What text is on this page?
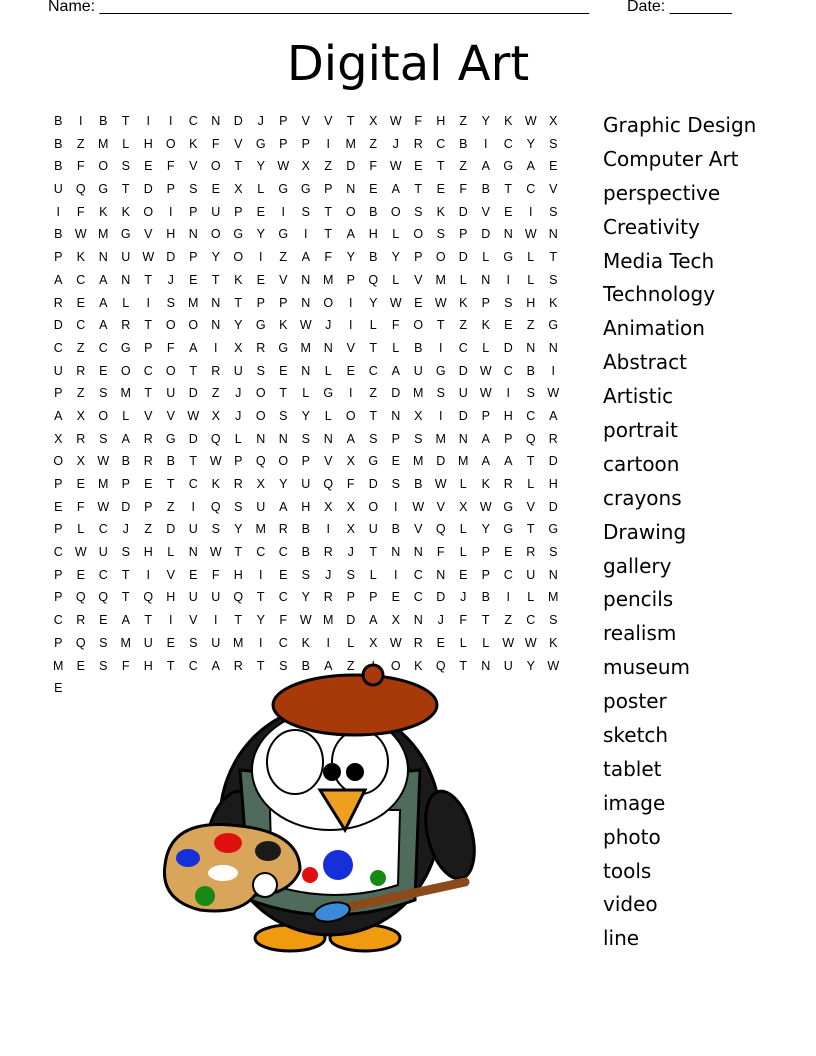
Name: _______________________________________________________ Date: _______
Digital Art
B	I	B	T	I	I	C	N	D	J	P	V	V	T	X W	F	H	Z	Y	K W X
B	Z	M	L	H	O	K	F	V	G	P	P	I	M	Z	J	R	C	B	I	C	Y	S
B	F	O	S	E	F	V	O	T	Y W X	Z	D	F	W E	T	Z	A	G	A	E
U	Q	G	T	D	P	S	E	X	L	G	G	P	N	E	A	T	E	F	B	T	C	V
I	F	K	K	O	I	P	U	P	E	I	S	T	O	B	O	S	K	D	V	E	I	S
B W M G	V	H	N	O	G	Y	G	I	T	A	H	L	O	S	P	D	N W N
P	K	N	U W D	P	Y	O	I	Z	A	F	Y	B	Y	P	O	D	L	G	L	T
A	C	A	N	T	J	E	T	K	E	V	N	M	P	Q	L	V	M	L	N	I	L	S
R	E	A	L	I	S	M	N	T	P	P	N	O	I	Y W E W K	P	S	H	K
D	C	A	R	T	O	O	N	Y	G	K W	J	I	L	F	O	T	Z	K	E	Z	G
C	Z	C	G	P	F	A	I	X	R	G M	N	V	T	L	B	I	C	L	D	N	N
U	R	E	O	C	O	T	R	U	S	E	N	L	E	C	A	U	G	D W C	B	I
P	Z	S	M	T	U	D	Z	J	O	T	L	G	I	Z	D	M	S	U W	I	S W
A	X	O	L	V	V W X	J	O	S	Y	L	O	T	N	X	I	D	P	H	C	A
X	R	S	A	R	G	D	Q	L	N	N	S	N	A	S	P	S	M	N	A	P	Q	R
O	X W B	R	B	T	W P	Q	O	P	V	X	G	E	M	D	M	A	A	T	D
P	E	M	P	E	T	C	K	R	X	Y	U	Q	F	D	S	B W	L	K	R	L	H
E	F	W D	P	Z	I	Q	S	U	A	H	X	X	O	I	W V	X W G	V	D
P	L	C	J	Z	D	U	S	Y	M	R	B	I	X	U	B	V	Q	L	Y	G	T	G
C W U	S	H	L	N W	T	C	C	B	R	J	T	N	N	F	L	P	E	R	S
P	E	C	T	I	V	E	F	H	I	E	S	J	S	L	I	C	N	E	P	C	U	N
P	Q	Q	T	Q	H	U	U	Q	T	C	Y	R	P	P	E	C	D	J	B	I	L	M
C	R	E	A	T	I	V	I	T	Y	F	W M	D	A	X	N	J	F	T	Z	C	S
P	Q	S	M	U	E	S	U	M	I	C	K	I	L	X W R	E	L	L	W W K
M	E	S	F	H	T	C	A	R	T	S	B	A	Z	O	K	Q	T	N	U	Y W
E
Graphic Design
Computer Art
perspective
Creativity
Media Tech
Technology
Animation
Abstract
Artistic
portrait
cartoon
crayons
Drawing
gallery
pencils
realism
museum
poster
sketch
tablet
image
photo
tools
video
line
